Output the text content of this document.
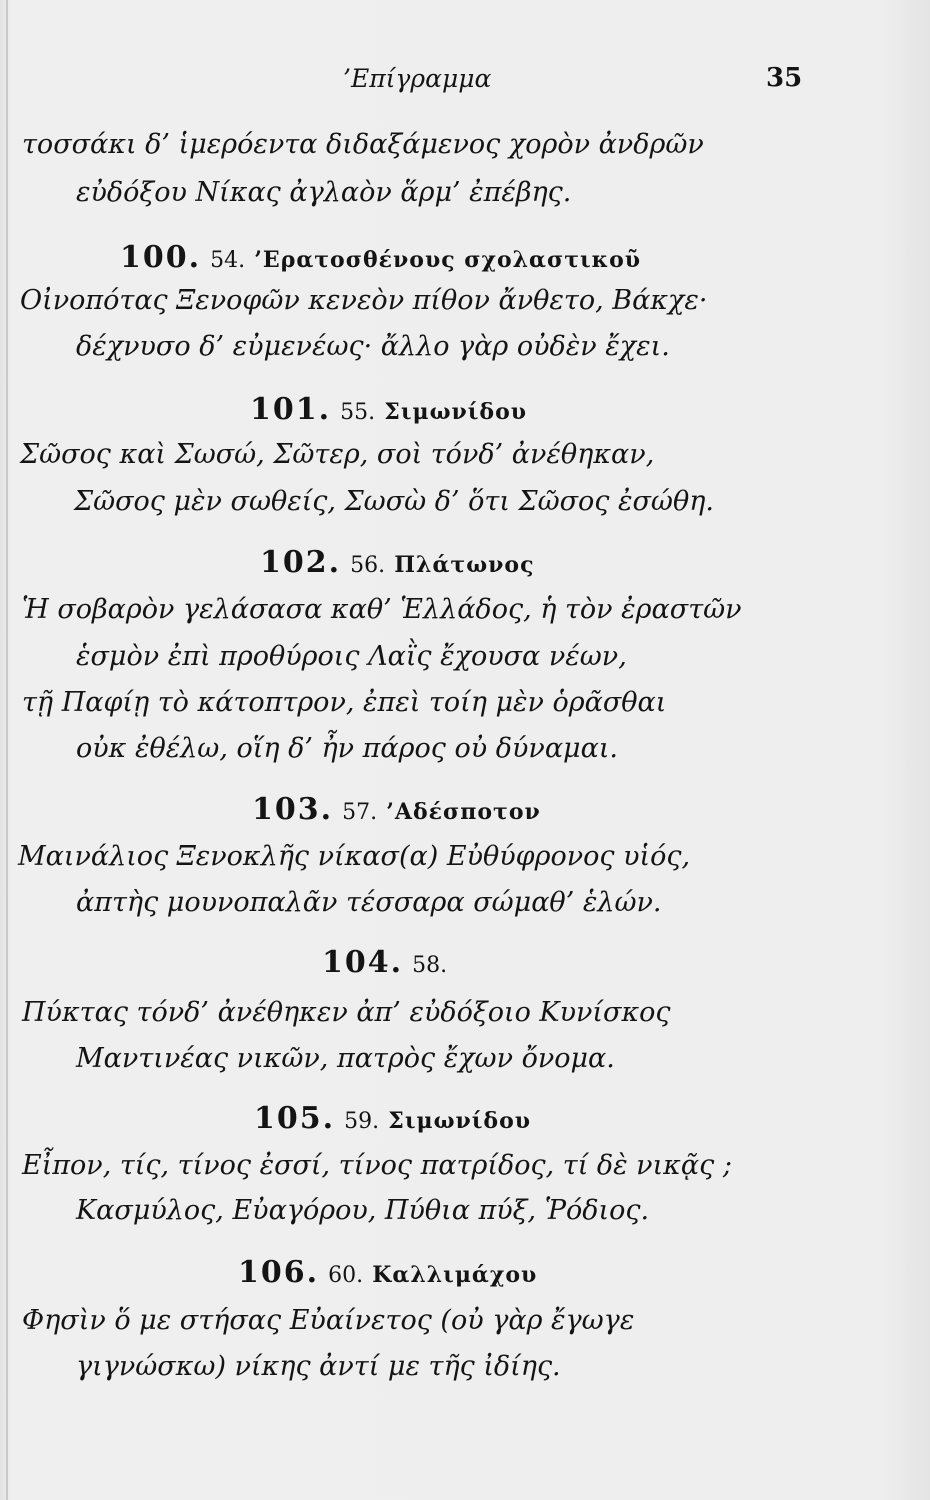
’Επίγραμμα	35
τοσσάκι δ’ ἱμερόεντα διδαξάμενος χορὸν ἀνδρῶν
εὐδόξου Νίκας ἀγλαὸν ἅρμ’ ἐπέβης.
100. 54. ’Ερατοσθένους σχολαστικοῦ
Οἰνοπότας Ξενοφῶν κενεὸν πίθον ἄνθετο, Βάκχε·
δέχνυσο δ’ εὐμενέως· ἄλλο γὰρ οὐδὲν ἔχει.
101. 55. Σιμωνίδου
Σῶσος καὶ Σωσώ, Σῶτερ, σοὶ τόνδ’ ἀνέθηκαν,
Σῶσος μὲν σωθείς, Σωσὼ δ’ ὅτι Σῶσος ἐσώθη.
102. 56. Πλάτωνος
Ἡ σοβαρὸν γελάσασα καθ’ Ἑλλάδος, ἡ τὸν ἐραστῶν
ἑσμὸν ἐπὶ προθύροις Λαῒς ἔχουσα νέων,
τῇ Παφίῃ τὸ κάτοπτρον, ἐπεὶ τοίη μὲν ὁρᾶσθαι
οὐκ ἐθέλω, οἵη δ’ ἦν πάρος οὐ δύναμαι.
103. 57. ’Αδέσποτον
Μαινάλιος Ξενοκλῆς νίκασ(α) Εὐθύφρονος υἱός,
ἀπτὴς μουνοπαλᾶν τέσσαρα σώμαθ’ ἑλών.
104. 58.
Πύκτας τόνδ’ ἀνέθηκεν ἀπ’ εὐδόξοιο Κυνίσκος
Μαντινέας νικῶν, πατρὸς ἔχων ὄνομα.
105. 59. Σιμωνίδου
Εἶπον, τίς, τίνος ἐσσί, τίνος πατρίδος, τί δὲ νικᾷς ;
Κασμύλος, Εὐαγόρου, Πύθια πύξ, Ῥόδιος.
106. 60. Καλλιμάχου
Φησὶν ὅ με στήσας Εὐαίνετος (οὐ γὰρ ἔγωγε
γιγνώσκω) νίκης ἀντί με τῆς ἰδίης.
